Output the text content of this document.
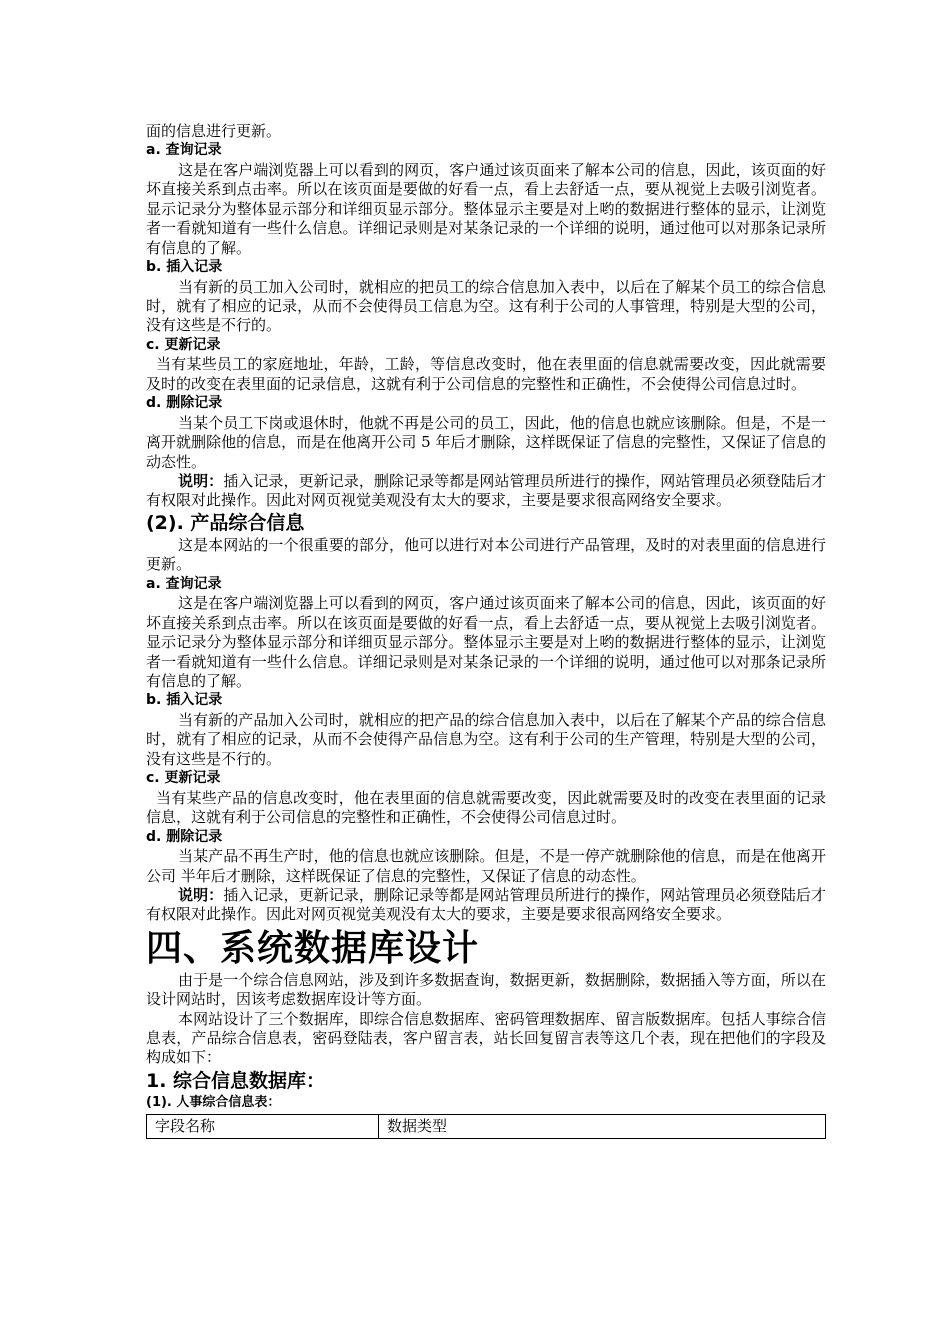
面的信息进行更新。

a. 查询记录

这是在客户端浏览器上可以看到的网页，客户通过该页面来了解本公司的信息，因此，该页面的好坏直接关系到点击率。所以在该页面是要做的好看一点，看上去舒适一点，要从视觉上去吸引浏览者。显示记录分为整体显示部分和详细页显示部分。整体显示主要是对上哟的数据进行整体的显示，让浏览者一看就知道有一些什么信息。详细记录则是对某条记录的一个详细的说明，通过他可以对那条记录所有信息的了解。

b. 插入记录

当有新的员工加入公司时，就相应的把员工的综合信息加入表中，以后在了解某个员工的综合信息时，就有了相应的记录，从而不会使得员工信息为空。这有利于公司的人事管理，特别是大型的公司，没有这些是不行的。

c. 更新记录

当有某些员工的家庭地址，年龄，工龄，等信息改变时，他在表里面的信息就需要改变，因此就需要及时的改变在表里面的记录信息，这就有利于公司信息的完整性和正确性，不会使得公司信息过时。

d. 删除记录

当某个员工下岗或退休时，他就不再是公司的员工，因此，他的信息也就应该删除。但是，不是一离开就删除他的信息，而是在他离开公司 5 年后才删除，这样既保证了信息的完整性，又保证了信息的动态性。

说明：插入记录，更新记录，删除记录等都是网站管理员所进行的操作，网站管理员必须登陆后才有权限对此操作。因此对网页视觉美观没有太大的要求，主要是要求很高网络安全要求。

(2). 产品综合信息

这是本网站的一个很重要的部分，他可以进行对本公司进行产品管理，及时的对表里面的信息进行更新。

a. 查询记录

这是在客户端浏览器上可以看到的网页，客户通过该页面来了解本公司的信息，因此，该页面的好坏直接关系到点击率。所以在该页面是要做的好看一点，看上去舒适一点，要从视觉上去吸引浏览者。显示记录分为整体显示部分和详细页显示部分。整体显示主要是对上哟的数据进行整体的显示，让浏览者一看就知道有一些什么信息。详细记录则是对某条记录的一个详细的说明，通过他可以对那条记录所有信息的了解。

b. 插入记录

当有新的产品加入公司时，就相应的把产品的综合信息加入表中，以后在了解某个产品的综合信息时，就有了相应的记录，从而不会使得产品信息为空。这有利于公司的生产管理，特别是大型的公司，没有这些是不行的。

c. 更新记录

当有某些产品的信息改变时，他在表里面的信息就需要改变，因此就需要及时的改变在表里面的记录信息，这就有利于公司信息的完整性和正确性，不会使得公司信息过时。

d. 删除记录

当某产品不再生产时，他的信息也就应该删除。但是，不是一停产就删除他的信息，而是在他离开公司 半年后才删除，这样既保证了信息的完整性，又保证了信息的动态性。

说明：插入记录，更新记录，删除记录等都是网站管理员所进行的操作，网站管理员必须登陆后才有权限对此操作。因此对网页视觉美观没有太大的要求，主要是要求很高网络安全要求。

四、系统数据库设计

由于是一个综合信息网站，涉及到许多数据查询，数据更新，数据删除，数据插入等方面，所以在设计网站时，因该考虑数据库设计等方面。

本网站设计了三个数据库，即综合信息数据库、密码管理数据库、留言版数据库。包括人事综合信息表，产品综合信息表，密码登陆表，客户留言表，站长回复留言表等这几个表，现在把他们的字段及构成如下：

1. 综合信息数据库：
(1). 人事综合信息表：
字段名称	数据类型
